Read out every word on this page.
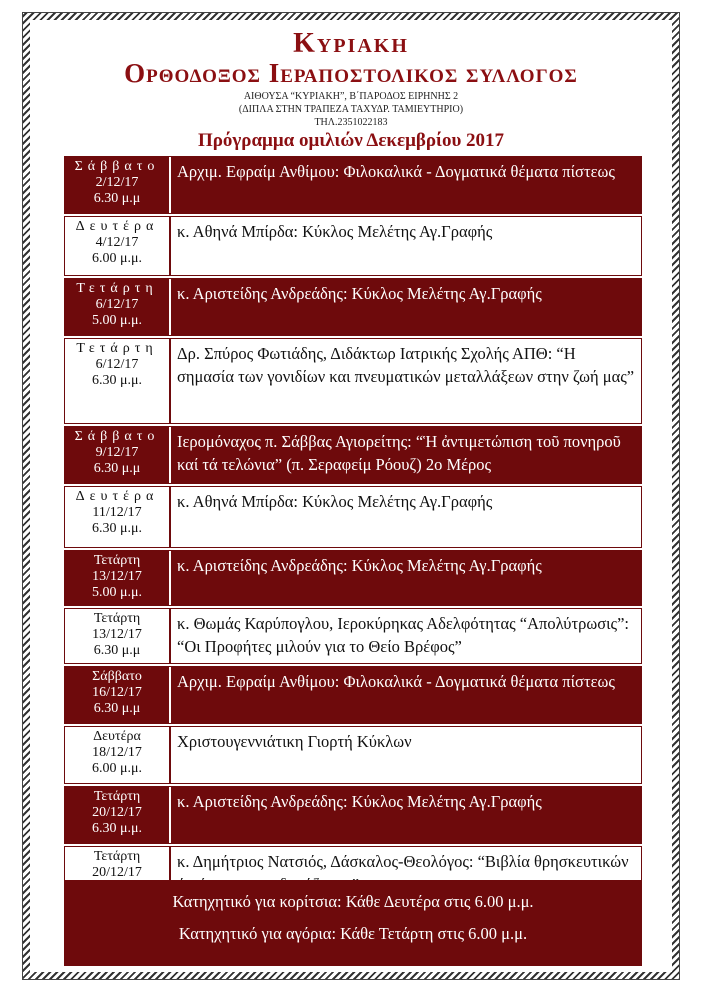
Κυριακη
Ορθοδοξος Ιεραποστολικος συλλογος
ΑΙΘΟΥΣΑ “ΚΥΡΙΑΚΗ”, Β΄ΠΑΡΟΔΟΣ ΕΙΡΗΝΗΣ 2
(ΔΙΠΛΑ ΣΤΗΝ ΤΡΑΠΕΖΑ ΤΑΧΥΔΡ. ΤΑΜΙΕΥΤΗΡΙΟ)
ΤΗΛ.2351022183
Πρόγραμμα ομιλιών Δεκεμβρίου 2017
Σάββατο
2/12/17
6.30 μ.μ
Αρχιμ. Εφραίμ Ανθίμου: Φιλοκαλικά - Δογματικά θέματα πίστεως
Δευτέρα
4/12/17
6.00 μ.μ.
κ. Αθηνά Μπίρδα: Κύκλος Μελέτης Αγ.Γραφής
Τετάρτη
6/12/17
5.00 μ.μ.
κ. Αριστείδης Ανδρεάδης: Κύκλος Μελέτης Αγ.Γραφής
Τετάρτη
6/12/17
6.30 μ.μ.
Δρ. Σπύρος Φωτιάδης, Διδάκτωρ Ιατρικής Σχολής ΑΠΘ: “Η σημασία των γονιδίων και πνευματικών μεταλλάξεων στην ζωή μας”
Σάββατο
9/12/17
6.30 μ.μ
Ιερομόναχος π. Σάββας Αγιορείτης: “Ἡ ἀντιμετώπιση τοῦ πονηροῦ καί τά τελώνια” (π. Σεραφείμ Ρόουζ) 2ο Μέρος
Δευτέρα
11/12/17
6.30 μ.μ.
κ. Αθηνά Μπίρδα: Κύκλος Μελέτης Αγ.Γραφής
Τετάρτη
13/12/17
5.00 μ.μ.
κ. Αριστείδης Ανδρεάδης: Κύκλος Μελέτης Αγ.Γραφής
Τετάρτη
13/12/17
6.30 μ.μ
κ. Θωμάς Καρύπογλου, Ιεροκύρηκας Αδελφότητας “Απολύτρωσις”: “Οι Προφήτες μιλούν για το Θείο Βρέφος”
Σάββατο
16/12/17
6.30 μ.μ
Αρχιμ. Εφραίμ Ανθίμου: Φιλοκαλικά - Δογματικά θέματα πίστεως
Δευτέρα
18/12/17
6.00 μ.μ.
Χριστουγεννιάτικη Γιορτή Κύκλων
Τετάρτη
20/12/17
6.30 μ.μ.
κ. Αριστείδης Ανδρεάδης: Κύκλος Μελέτης Αγ.Γραφής
Τετάρτη
20/12/17
κ. Δημήτριος Νατσιός, Δάσκαλος-Θεολόγος: “Βιβλία θρησκευτικών
Κατηχητικό για κορίτσια: Κάθε Δευτέρα στις 6.00 μ.μ.
Κατηχητικό για αγόρια: Κάθε Τετάρτη στις 6.00 μ.μ.
